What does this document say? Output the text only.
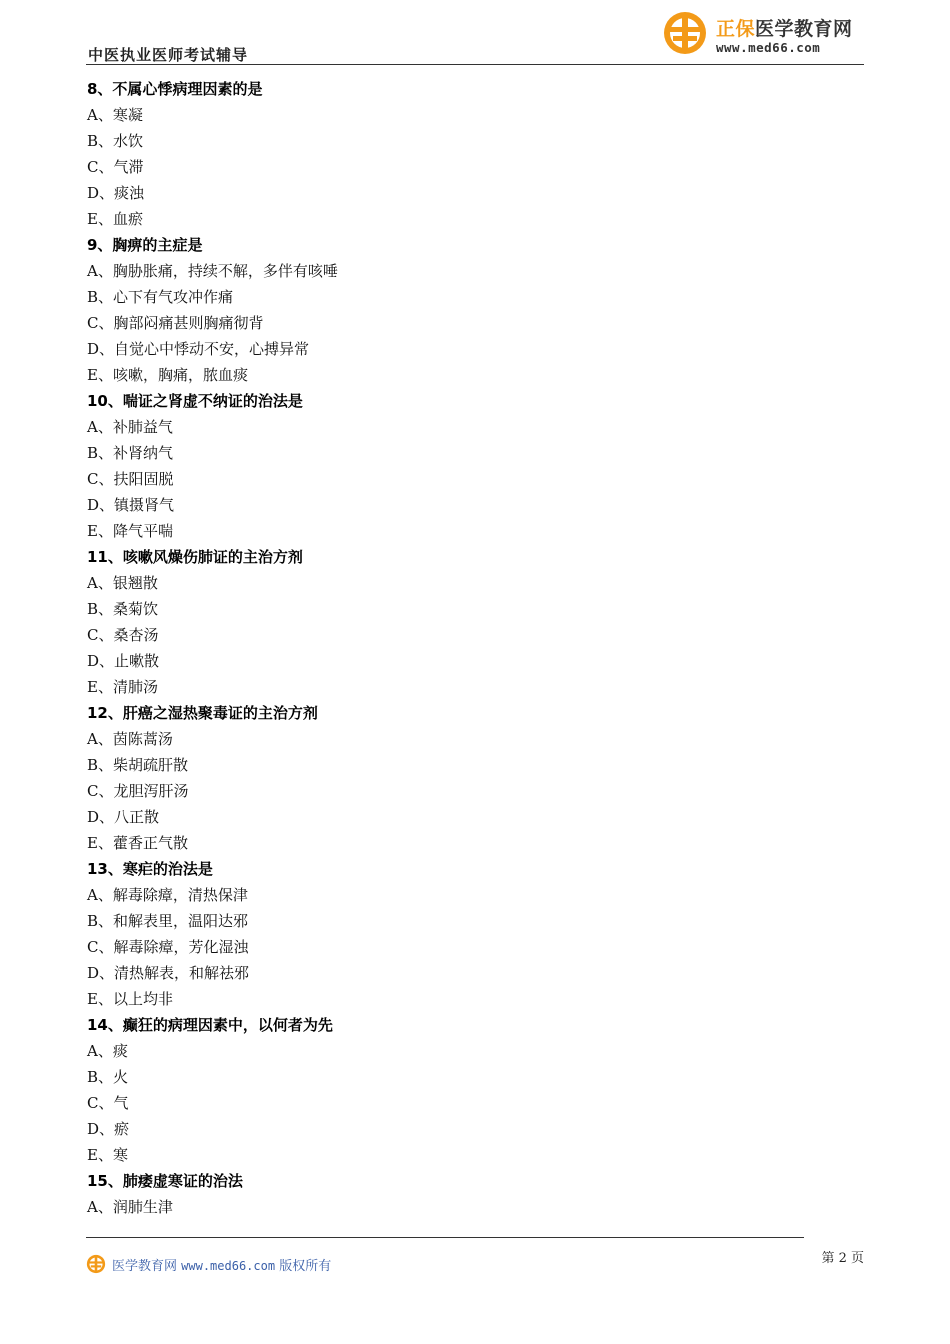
中医执业医师考试辅导
正保医学教育网
www.med66.com
8、不属心悸病理因素的是
A、寒凝
B、水饮
C、气滞
D、痰浊
E、血瘀
9、胸痹的主症是
A、胸胁胀痛，持续不解，多伴有咳唾
B、心下有气攻冲作痛
C、胸部闷痛甚则胸痛彻背
D、自觉心中悸动不安，心搏异常
E、咳嗽，胸痛，脓血痰
10、喘证之肾虚不纳证的治法是
A、补肺益气
B、补肾纳气
C、扶阳固脱
D、镇摄肾气
E、降气平喘
11、咳嗽风燥伤肺证的主治方剂
A、银翘散
B、桑菊饮
C、桑杏汤
D、止嗽散
E、清肺汤
12、肝癌之湿热聚毒证的主治方剂
A、茵陈蒿汤
B、柴胡疏肝散
C、龙胆泻肝汤
D、八正散
E、藿香正气散
13、寒疟的治法是
A、解毒除瘴，清热保津
B、和解表里，温阳达邪
C、解毒除瘴，芳化湿浊
D、清热解表，和解祛邪
E、以上均非
14、癫狂的病理因素中，以何者为先
A、痰
B、火
C、气
D、瘀
E、寒
15、肺痿虚寒证的治法
A、润肺生津
医学教育网 www.med66.com 版权所有
第 2 页
